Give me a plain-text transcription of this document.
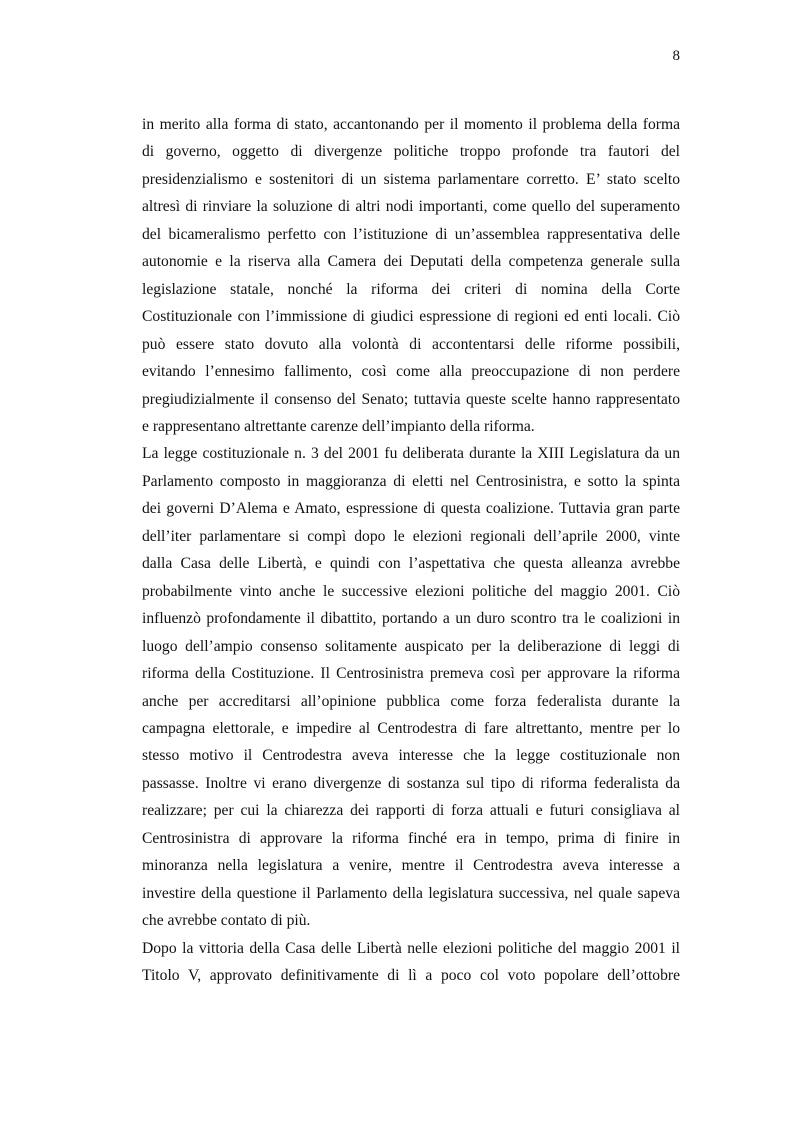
8

in merito alla forma di stato, accantonando per il momento il problema della forma
di governo, oggetto di divergenze politiche troppo profonde tra fautori del
presidenzialismo e sostenitori di un sistema parlamentare corretto. E’ stato scelto
altresì di rinviare la soluzione di altri nodi importanti, come quello del superamento
del bicameralismo perfetto con l’istituzione di un’assemblea rappresentativa delle
autonomie e la riserva alla Camera dei Deputati della competenza generale sulla
legislazione statale, nonché la riforma dei criteri di nomina della Corte
Costituzionale con l’immissione di giudici espressione di regioni ed enti locali. Ciò
può essere stato dovuto alla volontà di accontentarsi delle riforme possibili,
evitando l’ennesimo fallimento, così come alla preoccupazione di non perdere
pregiudizialmente il consenso del Senato; tuttavia queste scelte hanno rappresentato
e rappresentano altrettante carenze dell’impianto della riforma.

La legge costituzionale n. 3 del 2001 fu deliberata durante la XIII Legislatura da un
Parlamento composto in maggioranza di eletti nel Centrosinistra, e sotto la spinta
dei governi D’Alema e Amato, espressione di questa coalizione. Tuttavia gran parte
dell’iter parlamentare si compì dopo le elezioni regionali dell’aprile 2000, vinte
dalla Casa delle Libertà, e quindi con l’aspettativa che questa alleanza avrebbe
probabilmente vinto anche le successive elezioni politiche del maggio 2001. Ciò
influenzò profondamente il dibattito, portando a un duro scontro tra le coalizioni in
luogo dell’ampio consenso solitamente auspicato per la deliberazione di leggi di
riforma della Costituzione. Il Centrosinistra premeva così per approvare la riforma
anche per accreditarsi all’opinione pubblica come forza federalista durante la
campagna elettorale, e impedire al Centrodestra di fare altrettanto, mentre per lo
stesso motivo il Centrodestra aveva interesse che la legge costituzionale non
passasse. Inoltre vi erano divergenze di sostanza sul tipo di riforma federalista da
realizzare; per cui la chiarezza dei rapporti di forza attuali e futuri consigliava al
Centrosinistra di approvare la riforma finché era in tempo, prima di finire in
minoranza nella legislatura a venire, mentre il Centrodestra aveva interesse a
investire della questione il Parlamento della legislatura successiva, nel quale sapeva
che avrebbe contato di più.

Dopo la vittoria della Casa delle Libertà nelle elezioni politiche del maggio 2001 il
Titolo V, approvato definitivamente di lì a poco col voto popolare dell’ottobre
